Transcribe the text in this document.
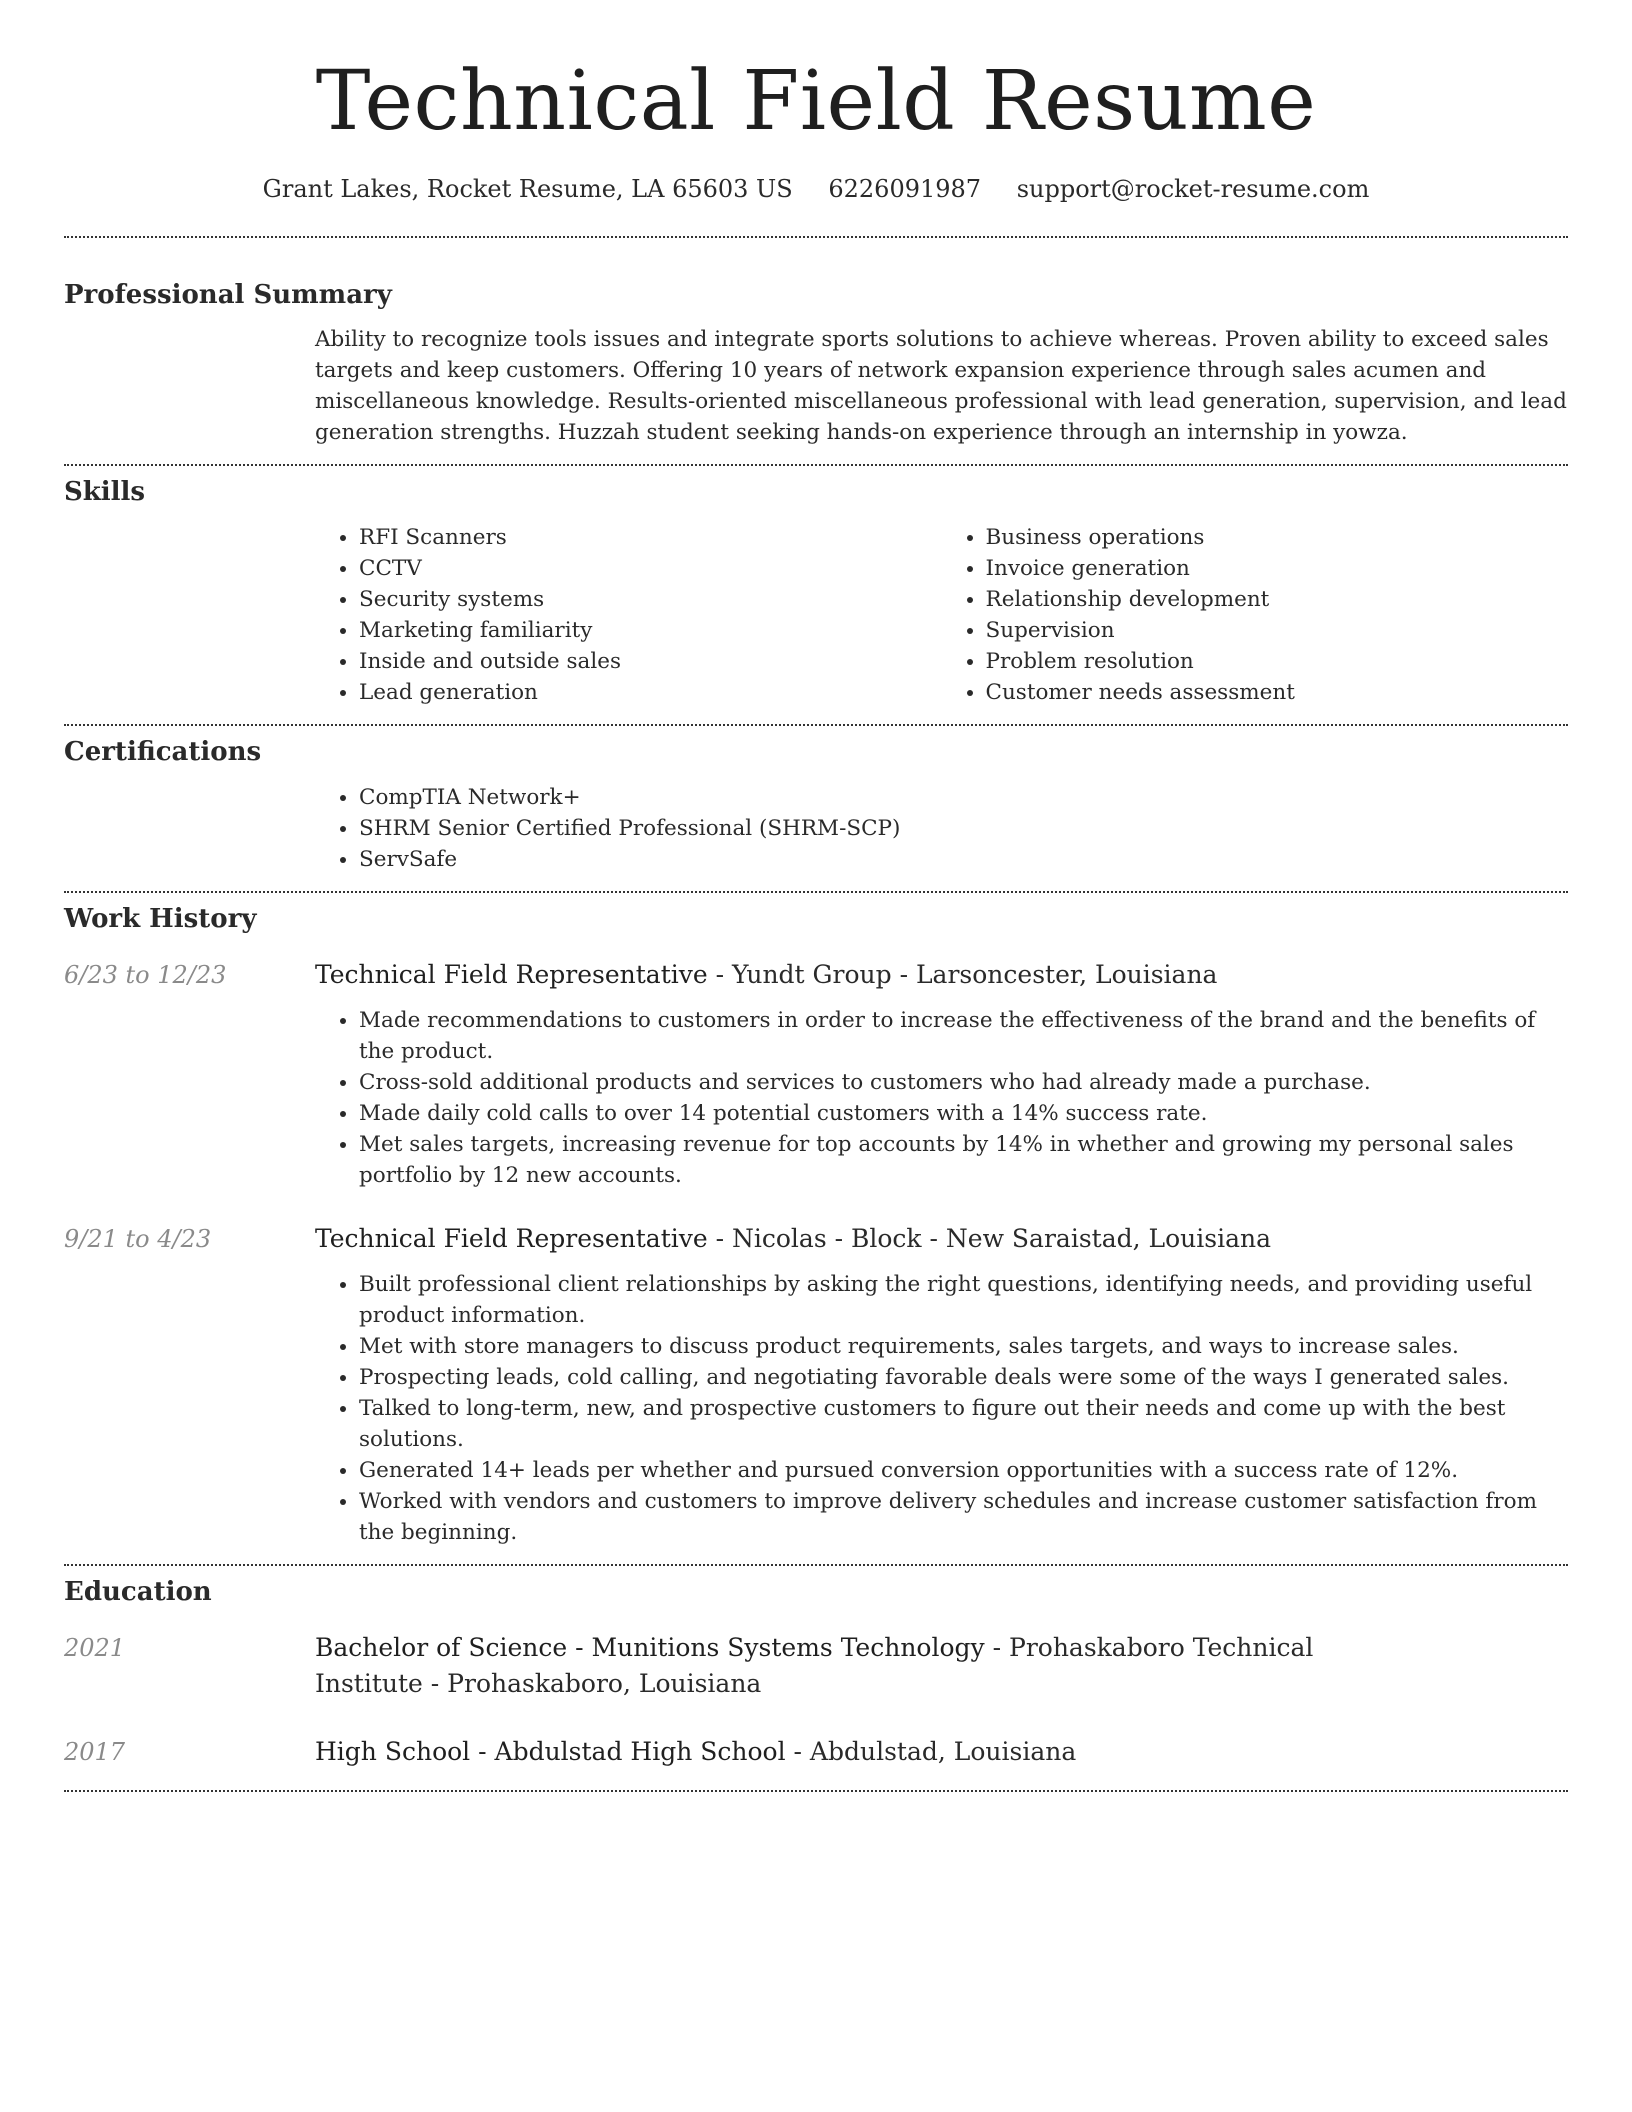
Technical Field Resume
Grant Lakes, Rocket Resume, LA 65603 US 6226091987 support@rocket-resume.com
Professional Summary

Ability to recognize tools issues and integrate sports solutions to achieve whereas. Proven ability to exceed sales targets and keep customers. Offering 10 years of network expansion experience through sales acumen and miscellaneous knowledge. Results-oriented miscellaneous professional with lead generation, supervision, and lead generation strengths. Huzzah student seeking hands-on experience through an internship in yowza.

Skills
• RFI Scanners
• CCTV
• Security systems
• Marketing familiarity
• Inside and outside sales
• Lead generation
• Business operations
• Invoice generation
• Relationship development
• Supervision
• Problem resolution
• Customer needs assessment
Certifications
• CompTIA Network+
• SHRM Senior Certified Professional (SHRM-SCP)
• ServSafe
Work History
6/23 to 12/23	Technical Field Representative - Yundt Group - Larsoncester, Louisiana
• Made recommendations to customers in order to increase the effectiveness of the brand and the benefits of the product.
• Cross-sold additional products and services to customers who had already made a purchase.
• Made daily cold calls to over 14 potential customers with a 14% success rate.
• Met sales targets, increasing revenue for top accounts by 14% in whether and growing my personal sales portfolio by 12 new accounts.
9/21 to 4/23	Technical Field Representative - Nicolas - Block - New Saraistad, Louisiana
• Built professional client relationships by asking the right questions, identifying needs, and providing useful product information.
• Met with store managers to discuss product requirements, sales targets, and ways to increase sales.
• Prospecting leads, cold calling, and negotiating favorable deals were some of the ways I generated sales.
• Talked to long-term, new, and prospective customers to figure out their needs and come up with the best solutions.
• Generated 14+ leads per whether and pursued conversion opportunities with a success rate of 12%.
• Worked with vendors and customers to improve delivery schedules and increase customer satisfaction from the beginning.
Education
2021	Bachelor of Science - Munitions Systems Technology - Prohaskaboro Technical Institute - Prohaskaboro, Louisiana
2017	High School - Abdulstad High School - Abdulstad, Louisiana
